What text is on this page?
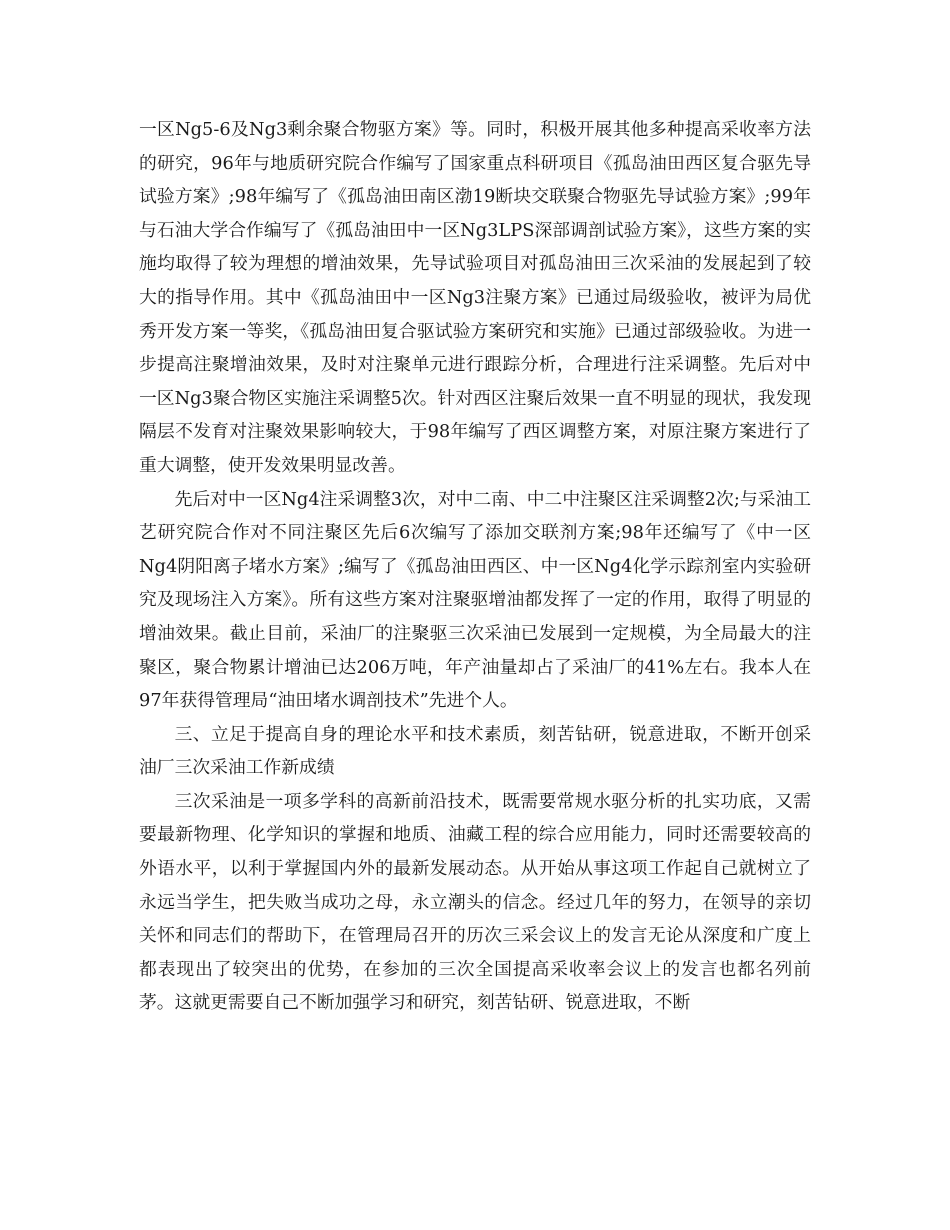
一区Ng5-6及Ng3剩余聚合物驱方案》等。同时，积极开展其他多种提高采收率方法的研究，96年与地质研究院合作编写了国家重点科研项目《孤岛油田西区复合驱先导试验方案》;98年编写了《孤岛油田南区渤19断块交联聚合物驱先导试验方案》;99年与石油大学合作编写了《孤岛油田中一区Ng3LPS深部调剖试验方案》，这些方案的实施均取得了较为理想的增油效果，先导试验项目对孤岛油田三次采油的发展起到了较大的指导作用。其中《孤岛油田中一区Ng3注聚方案》已通过局级验收，被评为局优秀开发方案一等奖，《孤岛油田复合驱试验方案研究和实施》已通过部级验收。为进一步提高注聚增油效果，及时对注聚单元进行跟踪分析，合理进行注采调整。先后对中一区Ng3聚合物区实施注采调整5次。针对西区注聚后效果一直不明显的现状，我发现隔层不发育对注聚效果影响较大，于98年编写了西区调整方案，对原注聚方案进行了重大调整，使开发效果明显改善。

先后对中一区Ng4注采调整3次，对中二南、中二中注聚区注采调整2次;与采油工艺研究院合作对不同注聚区先后6次编写了添加交联剂方案;98年还编写了《中一区Ng4阴阳离子堵水方案》;编写了《孤岛油田西区、中一区Ng4化学示踪剂室内实验研究及现场注入方案》。所有这些方案对注聚驱增油都发挥了一定的作用，取得了明显的增油效果。截止目前，采油厂的注聚驱三次采油已发展到一定规模，为全局最大的注聚区，聚合物累计增油已达206万吨，年产油量却占了采油厂的41%左右。我本人在97年获得管理局“油田堵水调剖技术”先进个人。

三、立足于提高自身的理论水平和技术素质，刻苦钻研，锐意进取，不断开创采油厂三次采油工作新成绩

三次采油是一项多学科的高新前沿技术，既需要常规水驱分析的扎实功底，又需要最新物理、化学知识的掌握和地质、油藏工程的综合应用能力，同时还需要较高的外语水平，以利于掌握国内外的最新发展动态。从开始从事这项工作起自己就树立了永远当学生，把失败当成功之母，永立潮头的信念。经过几年的努力，在领导的亲切关怀和同志们的帮助下，在管理局召开的历次三采会议上的发言无论从深度和广度上都表现出了较突出的优势，在参加的三次全国提高采收率会议上的发言也都名列前茅。这就更需要自己不断加强学习和研究，刻苦钻研、锐意进取，不断
